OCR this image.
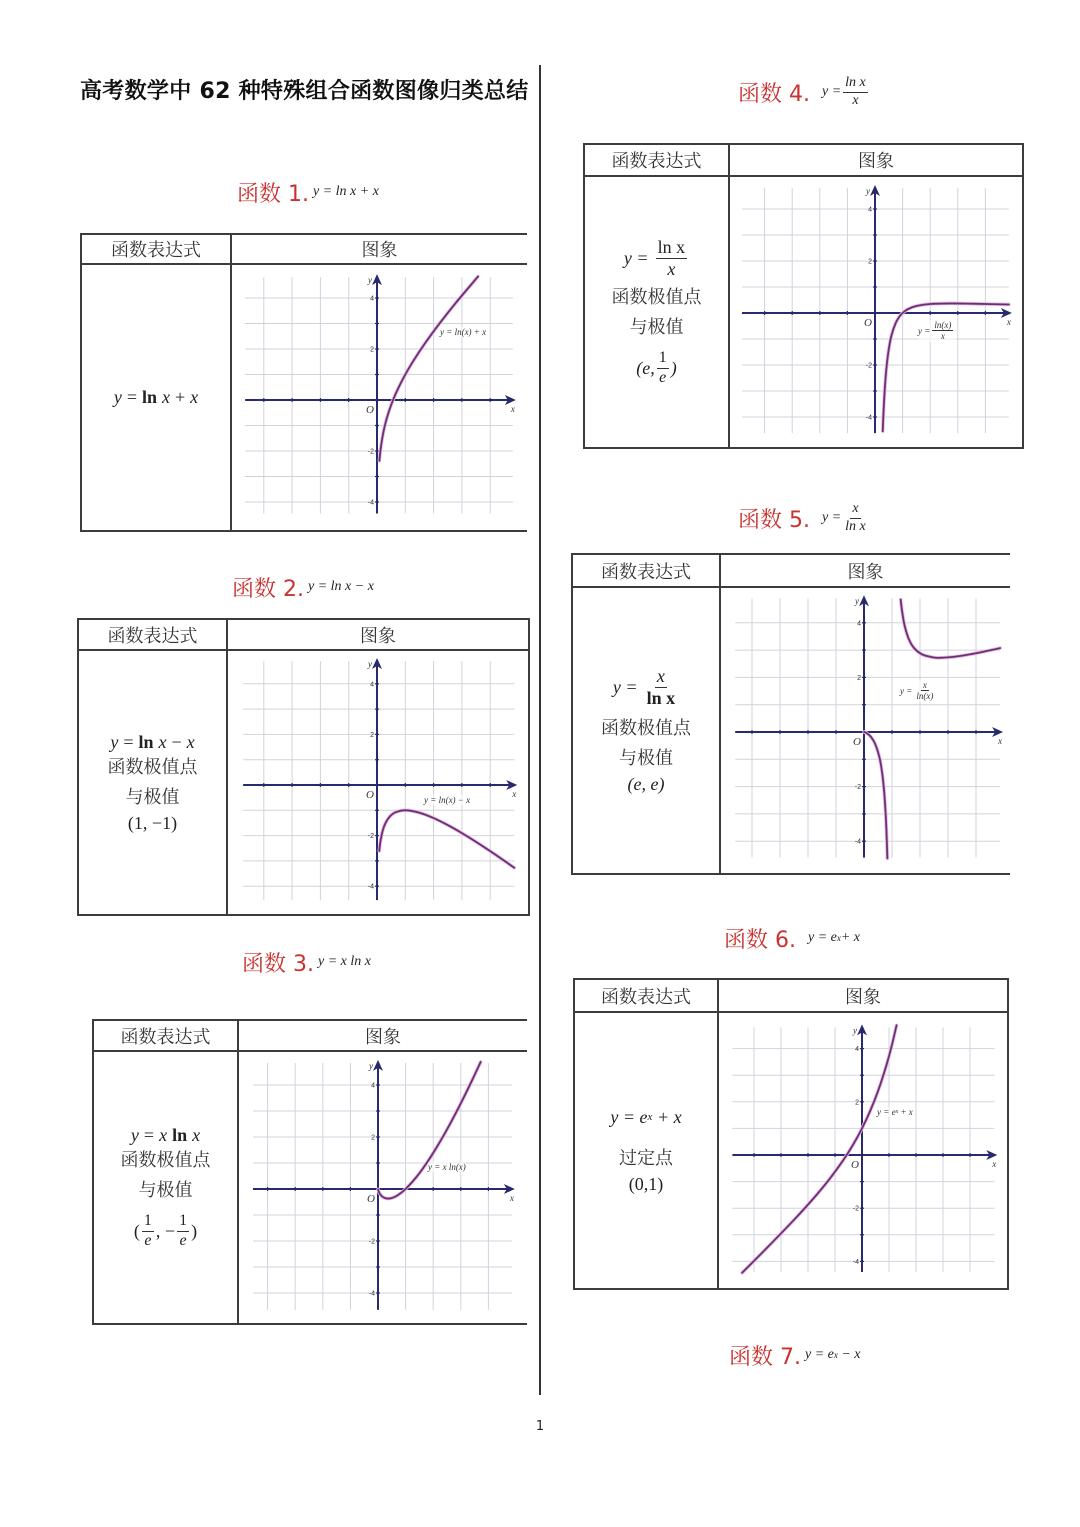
高考数学中 62 种特殊组合函数图像归类总结
函数 1. y = ln x + x
函数表达式	图象
y = ln x + x
4
2
-2
-4
y
x
O
y = ln(x) + x
函数 2. y = ln x − x
函数表达式	图象
y = ln x − x
函数极值点
与极值
(1, −1)
4
2
-2
-4
y
x
O	y = ln(x) − x
函数 3. y = x ln x
函数表达式	图象
y = x ln x
函数极值点
与极值
( $\frac{1}{e}$ , − $\frac{1}{e}$ )
4
2
-2
-4
y
x
O
y = x ln(x)
函数 4. $y = \frac{\text{ln x}}{x}$
函数表达式	图象
$y = \frac{\text{ln x}}{x}$
函数极值点
与极值
(e, $\frac{1}{e}$ )
4
2
-2
-4
y
x
O
$y = \frac{\ln(x)}{x}$
函数 5. $y = \frac{x}{\text{ln x}}$
函数表达式	图象
$y = \frac{x}{\text{ln x}}$
函数极值点
与极值
(e, e)
4
2
-2
-4
y
x
O
$y = \frac{x}{\ln(x)}$
函数 6. y = e x + x
函数表达式	图象
y = e x + x
过定点
(0,1)
4
2
-2
-4
y
x
O
y = e x + x
函数 7. y = e x − x
1
